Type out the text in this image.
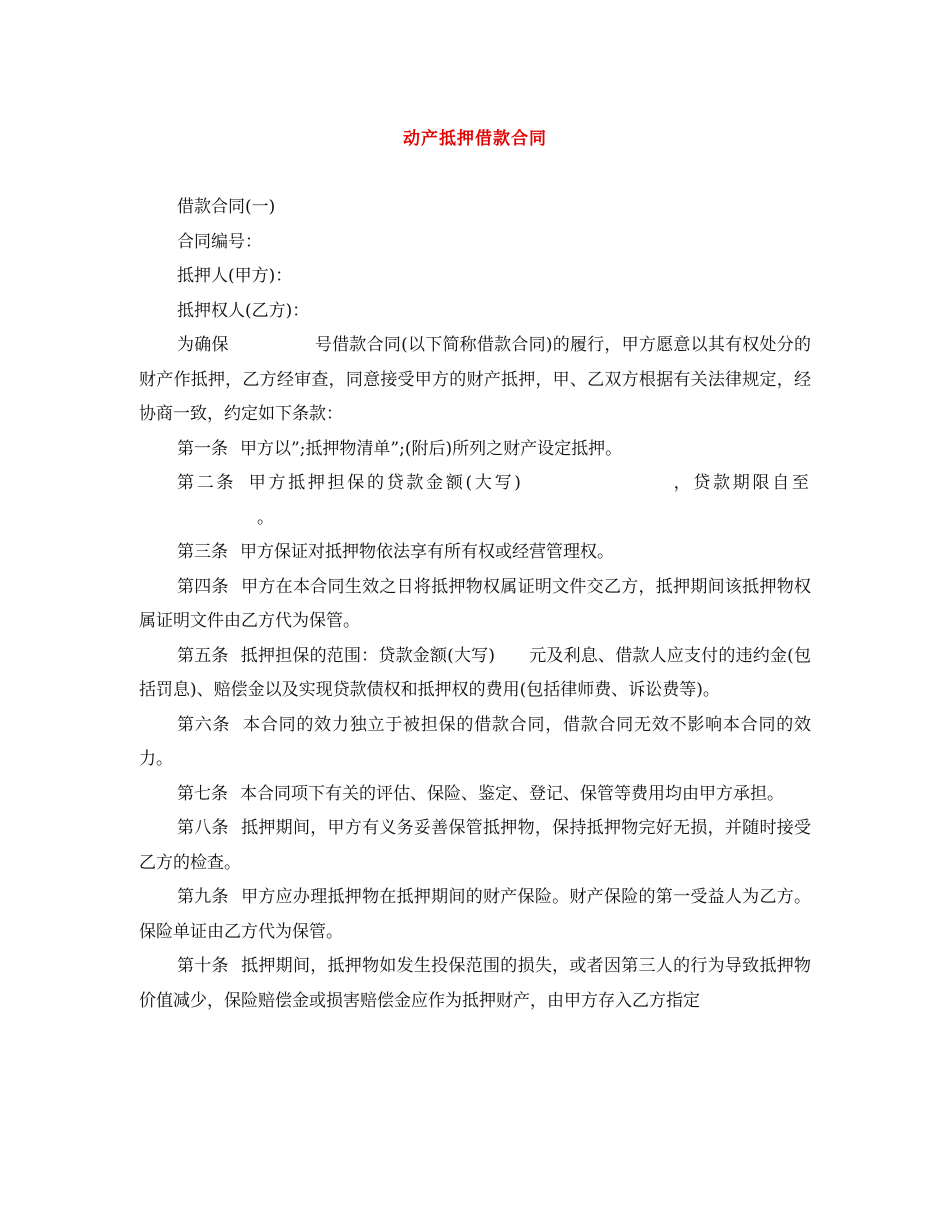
动产抵押借款合同

借款合同(一)

合同编号：

抵押人(甲方)：

抵押权人(乙方)：

为确保	号借款合同(以下简称借款合同)的履行，甲方愿意以其有权处分的财产作抵押，乙方经审查，同意接受甲方的财产抵押，甲、乙双方根据有关法律规定，经协商一致，约定如下条款：

第一条 甲方以”;抵押物清单”;(附后)所列之财产设定抵押。

第二条 甲方抵押担保的贷款金额(大写)	，贷款期限自至。

第三条 甲方保证对抵押物依法享有所有权或经营管理权。

第四条 甲方在本合同生效之日将抵押物权属证明文件交乙方，抵押期间该抵押物权属证明文件由乙方代为保管。

第五条 抵押担保的范围：贷款金额(大写) 元及利息、借款人应支付的违约金(包括罚息)、赔偿金以及实现贷款债权和抵押权的费用(包括律师费、诉讼费等)。

第六条 本合同的效力独立于被担保的借款合同，借款合同无效不影响本合同的效力。

第七条 本合同项下有关的评估、保险、鉴定、登记、保管等费用均由甲方承担。

第八条 抵押期间，甲方有义务妥善保管抵押物，保持抵押物完好无损，并随时接受乙方的检查。

第九条 甲方应办理抵押物在抵押期间的财产保险。财产保险的第一受益人为乙方。保险单证由乙方代为保管。

第十条 抵押期间，抵押物如发生投保范围的损失，或者因第三人的行为导致抵押物价值减少，保险赔偿金或损害赔偿金应作为抵押财产，由甲方存入乙方指定
